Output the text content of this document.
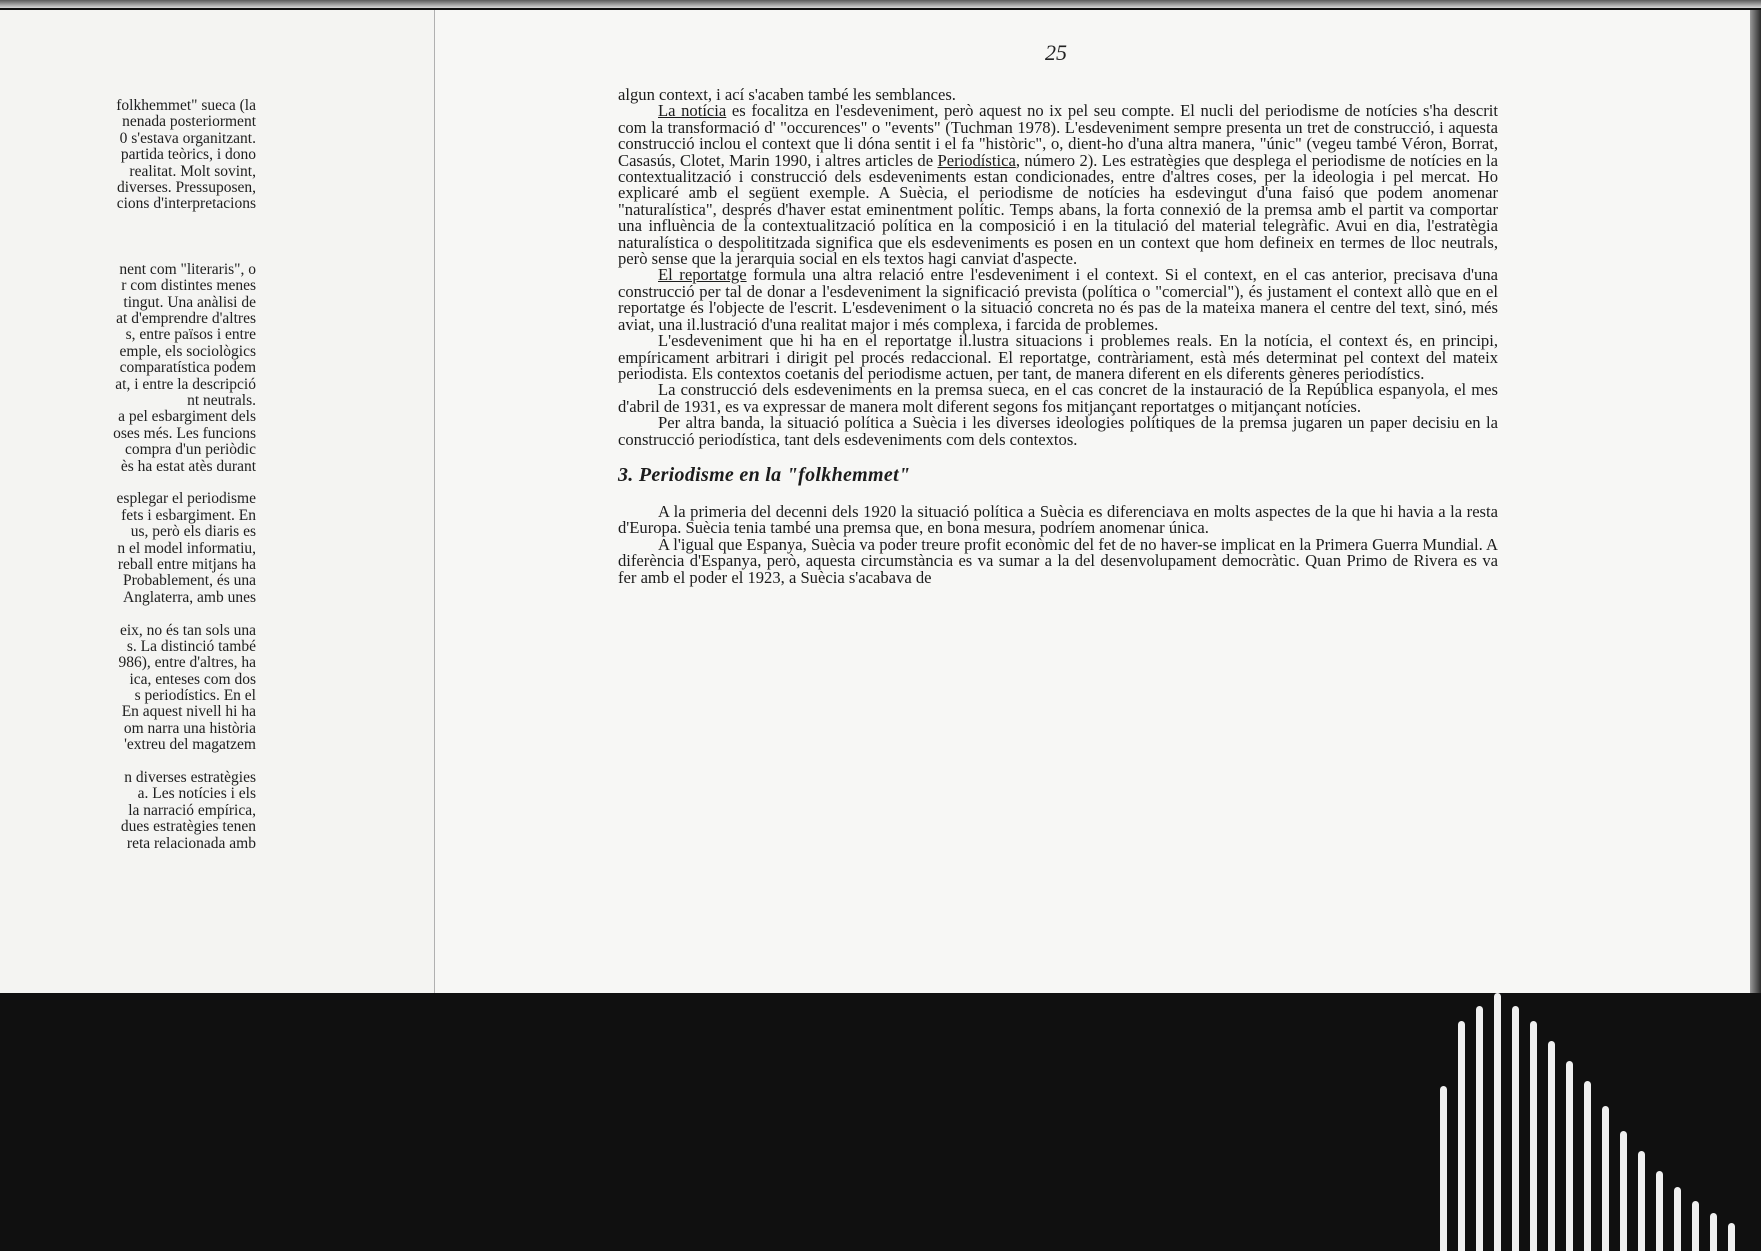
folkhemmet" sueca (la
nenada posteriorment
0 s'estava organitzant.
partida teòrics, i dono
realitat. Molt sovint,
diverses. Pressuposen,
cions d'interpretacions
nent com "literaris", o
r com distintes menes
tingut. Una anàlisi de
at d'emprendre d'altres
s, entre països i entre
emple, els sociològics
comparatística podem
at, i entre la descripció
nt neutrals.
a pel esbargiment dels
oses més. Les funcions
compra d'un periòdic
ès ha estat atès durant
esplegar el periodisme
fets i esbargiment. En
us, però els diaris es
n el model informatiu,
reball entre mitjans ha
Probablement, és una
Anglaterra, amb unes
eix, no és tan sols una
s. La distinció també
986), entre d'altres, ha
ica, enteses com dos
s periodístics. En el
En aquest nivell hi ha
om narra una història
'extreu del magatzem
n diverses estratègies
a. Les notícies i els
la narració empírica,
dues estratègies tenen
reta relacionada amb
25

algun context, i ací s'acaben també les semblances.

La notícia es focalitza en l'esdeveniment, però aquest no ix pel seu compte. El nucli del periodisme de notícies s'ha descrit com la transformació d' "occurences" o "events" (Tuchman 1978). L'esdeveniment sempre presenta un tret de construcció, i aquesta construcció inclou el context que li dóna sentit i el fa "històric", o, dient-ho d'una altra manera, "únic" (vegeu també Véron, Borrat, Casasús, Clotet, Marin 1990, i altres articles de Periodística, número 2). Les estratègies que desplega el periodisme de notícies en la contextualització i construcció dels esdeveniments estan condicionades, entre d'altres coses, per la ideologia i pel mercat. Ho explicaré amb el següent exemple. A Suècia, el periodisme de notícies ha esdevingut d'una faisó que podem anomenar "naturalística", després d'haver estat eminentment polític. Temps abans, la forta connexió de la premsa amb el partit va comportar una influència de la contextualització política en la composició i en la titulació del material telegràfic. Avui en dia, l'estratègia naturalística o despolititzada significa que els esdeveniments es posen en un context que hom defineix en termes de lloc neutrals, però sense que la jerarquia social en els textos hagi canviat d'aspecte.

El reportatge formula una altra relació entre l'esdeveniment i el context. Si el context, en el cas anterior, precisava d'una construcció per tal de donar a l'esdeveniment la significació prevista (política o "comercial"), és justament el context allò que en el reportatge és l'objecte de l'escrit. L'esdeveniment o la situació concreta no és pas de la mateixa manera el centre del text, sinó, més aviat, una il.lustració d'una realitat major i més complexa, i farcida de problemes.

L'esdeveniment que hi ha en el reportatge il.lustra situacions i problemes reals. En la notícia, el context és, en principi, empíricament arbitrari i dirigit pel procés redaccional. El reportatge, contràriament, està més determinat pel context del mateix periodista. Els contextos coetanis del periodisme actuen, per tant, de manera diferent en els diferents gèneres periodístics.

La construcció dels esdeveniments en la premsa sueca, en el cas concret de la instauració de la República espanyola, el mes d'abril de 1931, es va expressar de manera molt diferent segons fos mitjançant reportatges o mitjançant notícies.

Per altra banda, la situació política a Suècia i les diverses ideologies polítiques de la premsa jugaren un paper decisiu en la construcció periodística, tant dels esdeveniments com dels contextos.

3. Periodisme en la "folkhemmet"

A la primeria del decenni dels 1920 la situació política a Suècia es diferenciava en molts aspectes de la que hi havia a la resta d'Europa. Suècia tenia també una premsa que, en bona mesura, podríem anomenar única.

A l'igual que Espanya, Suècia va poder treure profit econòmic del fet de no haver-se implicat en la Primera Guerra Mundial. A diferència d'Espanya, però, aquesta circumstància es va sumar a la del desenvolupament democràtic. Quan Primo de Rivera es va fer amb el poder el 1923, a Suècia s'acabava de
